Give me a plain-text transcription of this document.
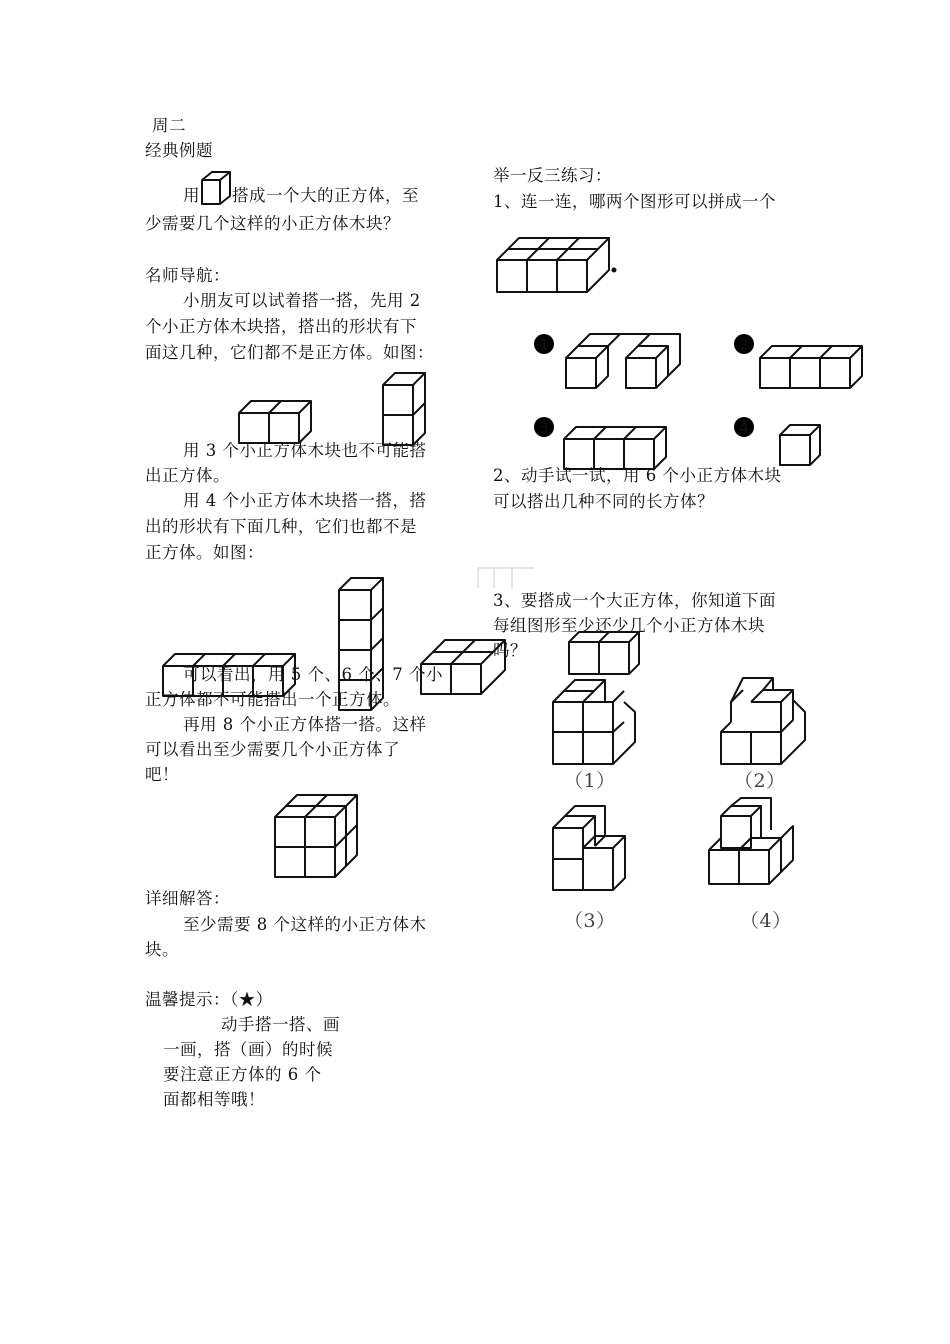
周二
经典例题
用 搭成一个大的正方体，至
少需要几个这样的小正方体木块？
名师导航：
小朋友可以试着搭一搭，先用 2
个小正方体木块搭，搭出的形状有下
面这几种，它们都不是正方体。如图：
用 3 个小正方体木块也不可能搭
出正方体。
用 4 个小正方体木块搭一搭，搭
出的形状有下面几种，它们也都不是
正方体。如图：
可以看出，用 5 个、6 个、7 个小
正方体都不可能搭出一个正方体。
再用 8 个小正方体搭一搭。这样
可以看出至少需要几个小正方体了
吧！
详细解答：
至少需要 8 个这样的小正方体木
块。
温馨提示：（★）
动手搭一搭、画
一画，搭（画）的时候
要注意正方体的 6 个
面都相等哦！
举一反三练习：
1、连一连，哪两个图形可以拼成一个
1	2
3	4
2、动手试一试，用 6 个小正方体木块
可以搭出几种不同的长方体？
3、要搭成一个大正方体，你知道下面
每组图形至少还少几个小正方体木块
吗？
（1）	（2）
（3）	（4）
